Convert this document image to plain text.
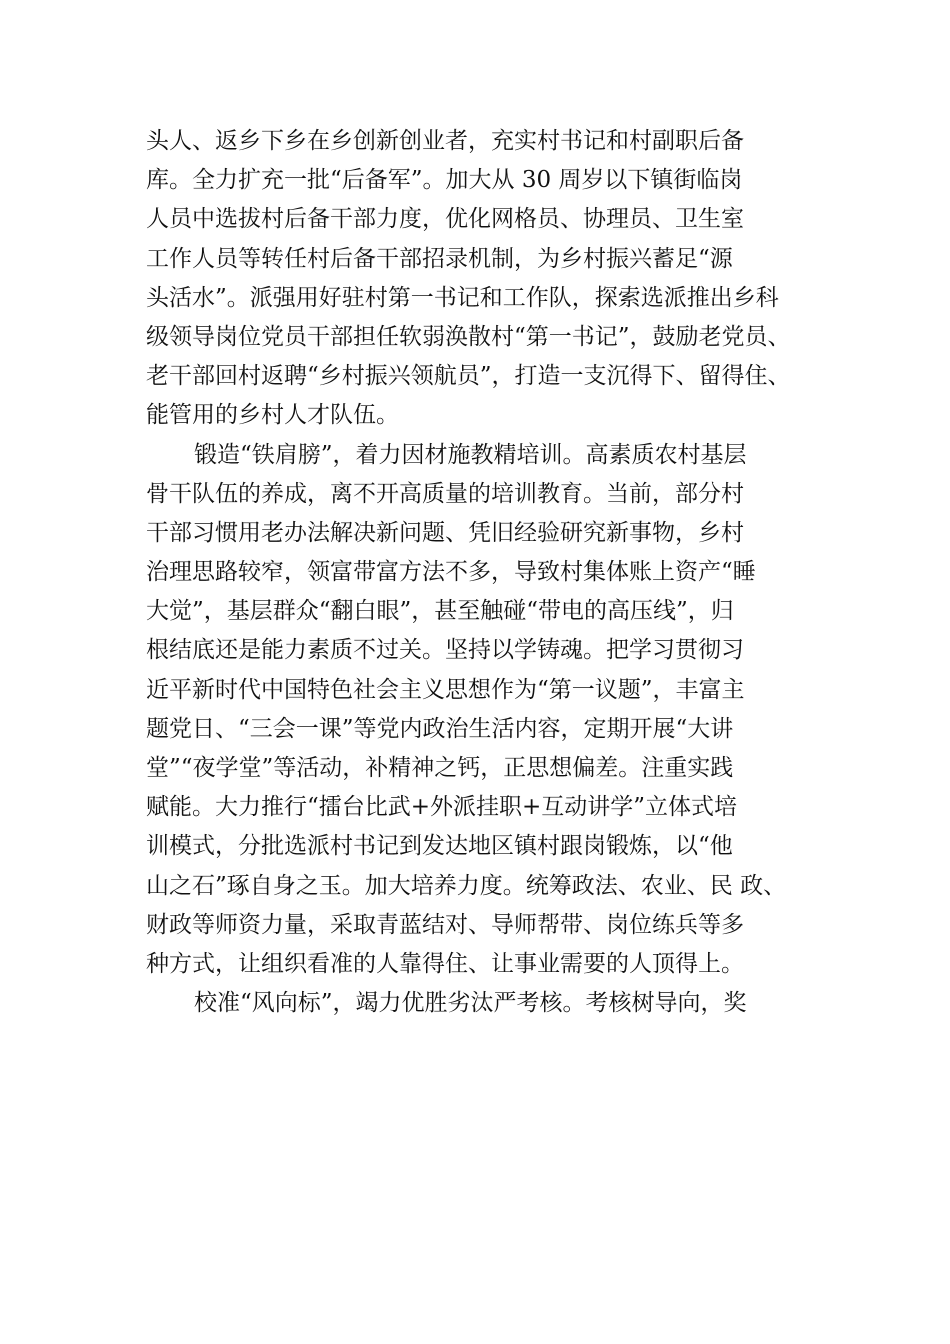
头人、返乡下乡在乡创新创业者，充实村书记和村副职后备
库。全力扩充一批“后备军”。加大从 30 周岁以下镇街临岗
人员中选拔村后备干部力度，优化网格员、协理员、卫生室
工作人员等转任村后备干部招录机制，为乡村振兴蓄足“源
头活水”。派强用好驻村第一书记和工作队，探索选派推出乡科
级领导岗位党员干部担任软弱涣散村“第一书记”，鼓励老党员、
老干部回村返聘“乡村振兴领航员”，打造一支沉得下、留得住、
能管用的乡村人才队伍。
锻造“铁肩膀”，着力因材施教精培训。高素质农村基层
骨干队伍的养成，离不开高质量的培训教育。当前，部分村
干部习惯用老办法解决新问题、凭旧经验研究新事物，乡村
治理思路较窄，领富带富方法不多，导致村集体账上资产“睡
大觉”，基层群众“翻白眼”，甚至触碰“带电的高压线”，归
根结底还是能力素质不过关。坚持以学铸魂。把学习贯彻习
近平新时代中国特色社会主义思想作为“第一议题”，丰富主
题党日、“三会一课”等党内政治生活内容，定期开展“大讲
堂”“夜学堂”等活动，补精神之钙，正思想偏差。注重实践
赋能。大力推行“擂台比武+外派挂职+互动讲学”立体式培
训模式，分批选派村书记到发达地区镇村跟岗锻炼，以“他
山之石”琢自身之玉。加大培养力度。统筹政法、农业、民 政、
财政等师资力量，采取青蓝结对、导师帮带、岗位练兵等多
种方式，让组织看准的人靠得住、让事业需要的人顶得上。
校准“风向标”，竭力优胜劣汰严考核。考核树导向，奖
